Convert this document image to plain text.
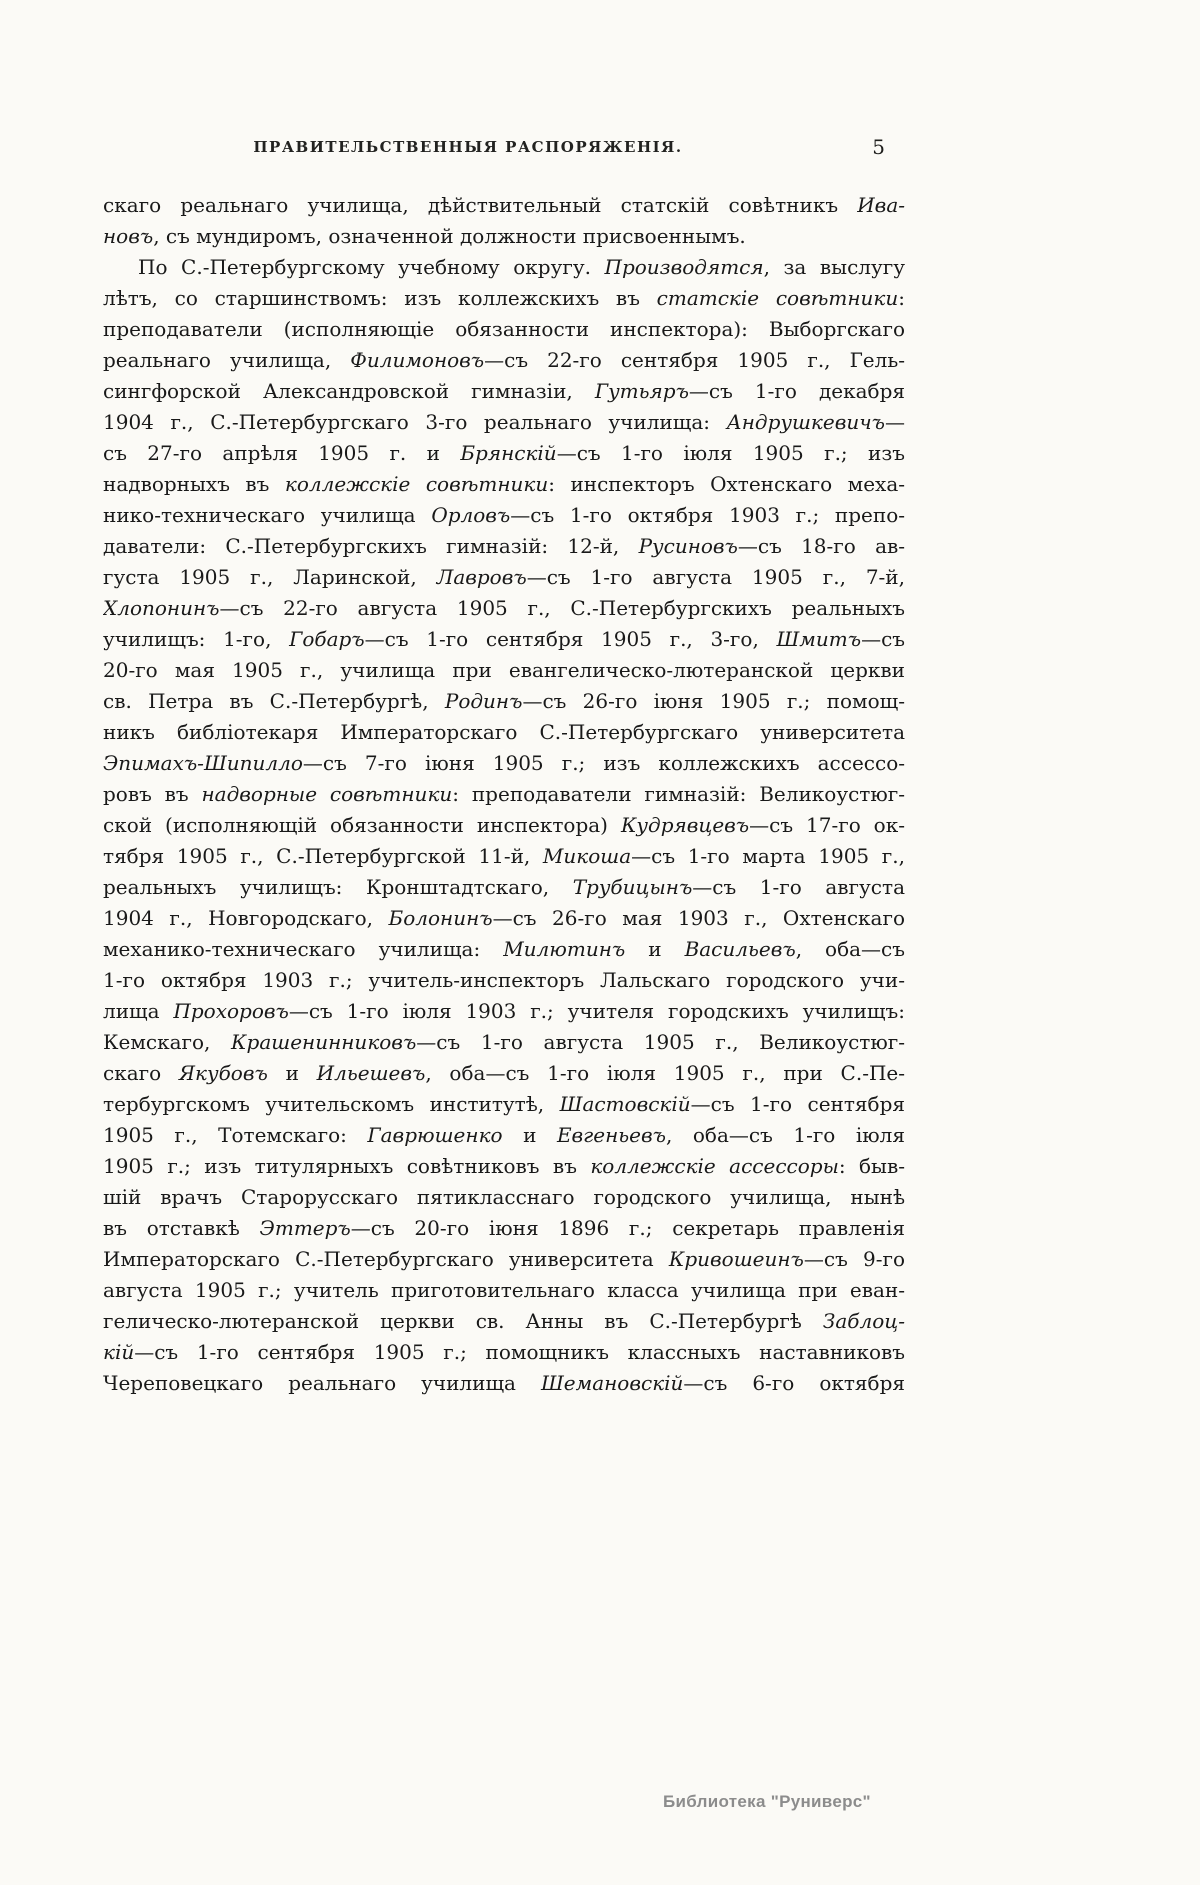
ПРАВИТЕЛЬСТВЕННЫЯ РАСПОРЯЖЕНІЯ.	5
скаго реальнаго училища, дѣйствительный статскій совѣтникъ Ива-
новъ, съ мундиромъ, означенной должности присвоеннымъ.
По С.-Петербургскому учебному округу. Производятся, за выслугу
лѣтъ, со старшинствомъ: изъ коллежскихъ въ статскіе совѣтники:
преподаватели (исполняющіе обязанности инспектора): Выборгскаго
реальнаго училища, Филимоновъ—съ 22-го сентября 1905 г., Гель-
сингфорской Александровской гимназіи, Гутьяръ—съ 1-го декабря
1904 г., С.-Петербургскаго 3-го реальнаго училища: Андрушкевичъ—
съ 27-го апрѣля 1905 г. и Брянскій—съ 1-го іюля 1905 г.; изъ
надворныхъ въ коллежскіе совѣтники: инспекторъ Охтенскаго меха-
нико-техническаго училища Орловъ—съ 1-го октября 1903 г.; препо-
даватели: С.-Петербургскихъ гимназій: 12-й, Русиновъ—съ 18-го ав-
густа 1905 г., Ларинской, Лавровъ—съ 1-го августа 1905 г., 7-й,
Хлопонинъ—съ 22-го августа 1905 г., С.-Петербургскихъ реальныхъ
училищъ: 1-го, Гобаръ—съ 1-го сентября 1905 г., 3-го, Шмитъ—съ
20-го мая 1905 г., училища при евангелическо-лютеранской церкви
св. Петра въ С.-Петербургѣ, Родинъ—съ 26-го іюня 1905 г.; помощ-
никъ библіотекаря Императорскаго С.-Петербургскаго университета
Эпимахъ-Шипилло—съ 7-го іюня 1905 г.; изъ коллежскихъ ассессо-
ровъ въ надворные совѣтники: преподаватели гимназій: Великоустюг-
ской (исполняющій обязанности инспектора) Кудрявцевъ—съ 17-го ок-
тября 1905 г., С.-Петербургской 11-й, Микоша—съ 1-го марта 1905 г.,
реальныхъ училищъ: Кронштадтскаго, Трубицынъ—съ 1-го августа
1904 г., Новгородскаго, Болонинъ—съ 26-го мая 1903 г., Охтенскаго
механико-техническаго училища: Милютинъ и Васильевъ, оба—съ
1-го октября 1903 г.; учитель-инспекторъ Лальскаго городского учи-
лища Прохоровъ—съ 1-го іюля 1903 г.; учителя городскихъ училищъ:
Кемскаго, Крашенинниковъ—съ 1-го августа 1905 г., Великоустюг-
скаго Якубовъ и Ильешевъ, оба—съ 1-го іюля 1905 г., при С.-Пе-
тербургскомъ учительскомъ институтѣ, Шастовскій—съ 1-го сентября
1905 г., Тотемскаго: Гаврюшенко и Евгеньевъ, оба—съ 1-го іюля
1905 г.; изъ титулярныхъ совѣтниковъ въ коллежскіе ассессоры: быв-
шій врачъ Старорусскаго пятикласснаго городского училища, нынѣ
въ отставкѣ Эттеръ—съ 20-го іюня 1896 г.; секретарь правленія
Императорскаго С.-Петербургскаго университета Кривошеинъ—съ 9-го
августа 1905 г.; учитель приготовительнаго класса училища при еван-
гелическо-лютеранской церкви св. Анны въ С.-Петербургѣ Заблоц-
кій—съ 1-го сентября 1905 г.; помощникъ классныхъ наставниковъ
Череповецкаго реальнаго училища Шемановскій—съ 6-го октября
Библиотека "Руниверс"
